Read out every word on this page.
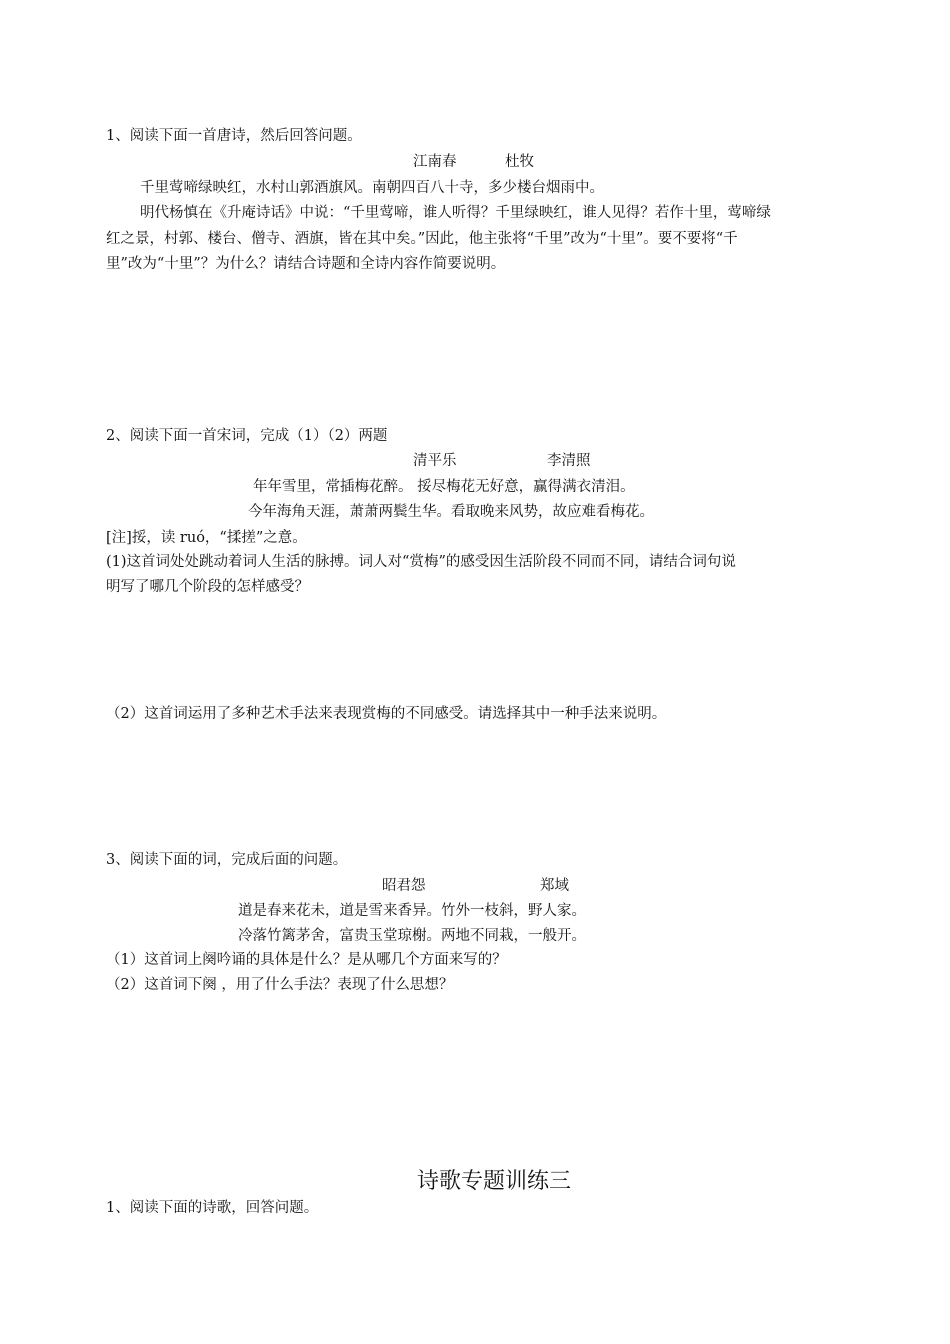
1、阅读下面一首唐诗，然后回答问题。
江南春	杜牧
千里莺啼绿映红，水村山郭酒旗风。南朝四百八十寺，多少楼台烟雨中。
明代杨慎在《升庵诗话》中说：“千里莺啼，谁人听得？千里绿映红，谁人见得？若作十里，莺啼绿
红之景，村郭、楼台、僧寺、酒旗，皆在其中矣。”因此，他主张将“千里”改为“十里”。要不要将“千
里”改为“十里”？为什么？请结合诗题和全诗内容作简要说明。
2、阅读下面一首宋词，完成（1）（2）两题
清平乐	李清照
年年雪里，常插梅花醉。 挼尽梅花无好意，赢得满衣清泪。
今年海角天涯，萧萧两鬓生华。看取晚来风势，故应难看梅花。
[注]挼，读 ruó，“揉搓”之意。
(1)这首词处处跳动着词人生活的脉搏。词人对“赏梅”的感受因生活阶段不同而不同，请结合词句说
明写了哪几个阶段的怎样感受？
（2）这首词运用了多种艺术手法来表现赏梅的不同感受。请选择其中一种手法来说明。
3、阅读下面的词，完成后面的问题。
昭君怨	郑域
道是春来花未，道是雪来香异。竹外一枝斜，野人家。
冷落竹篱茅舍，富贵玉堂琼榭。两地不同栽，一般开。
（1）这首词上阕吟诵的具体是什么？是从哪几个方面来写的？
（2）这首词下阕 ，用了什么手法？表现了什么思想？
诗歌专题训练三
1、阅读下面的诗歌，回答问题。
